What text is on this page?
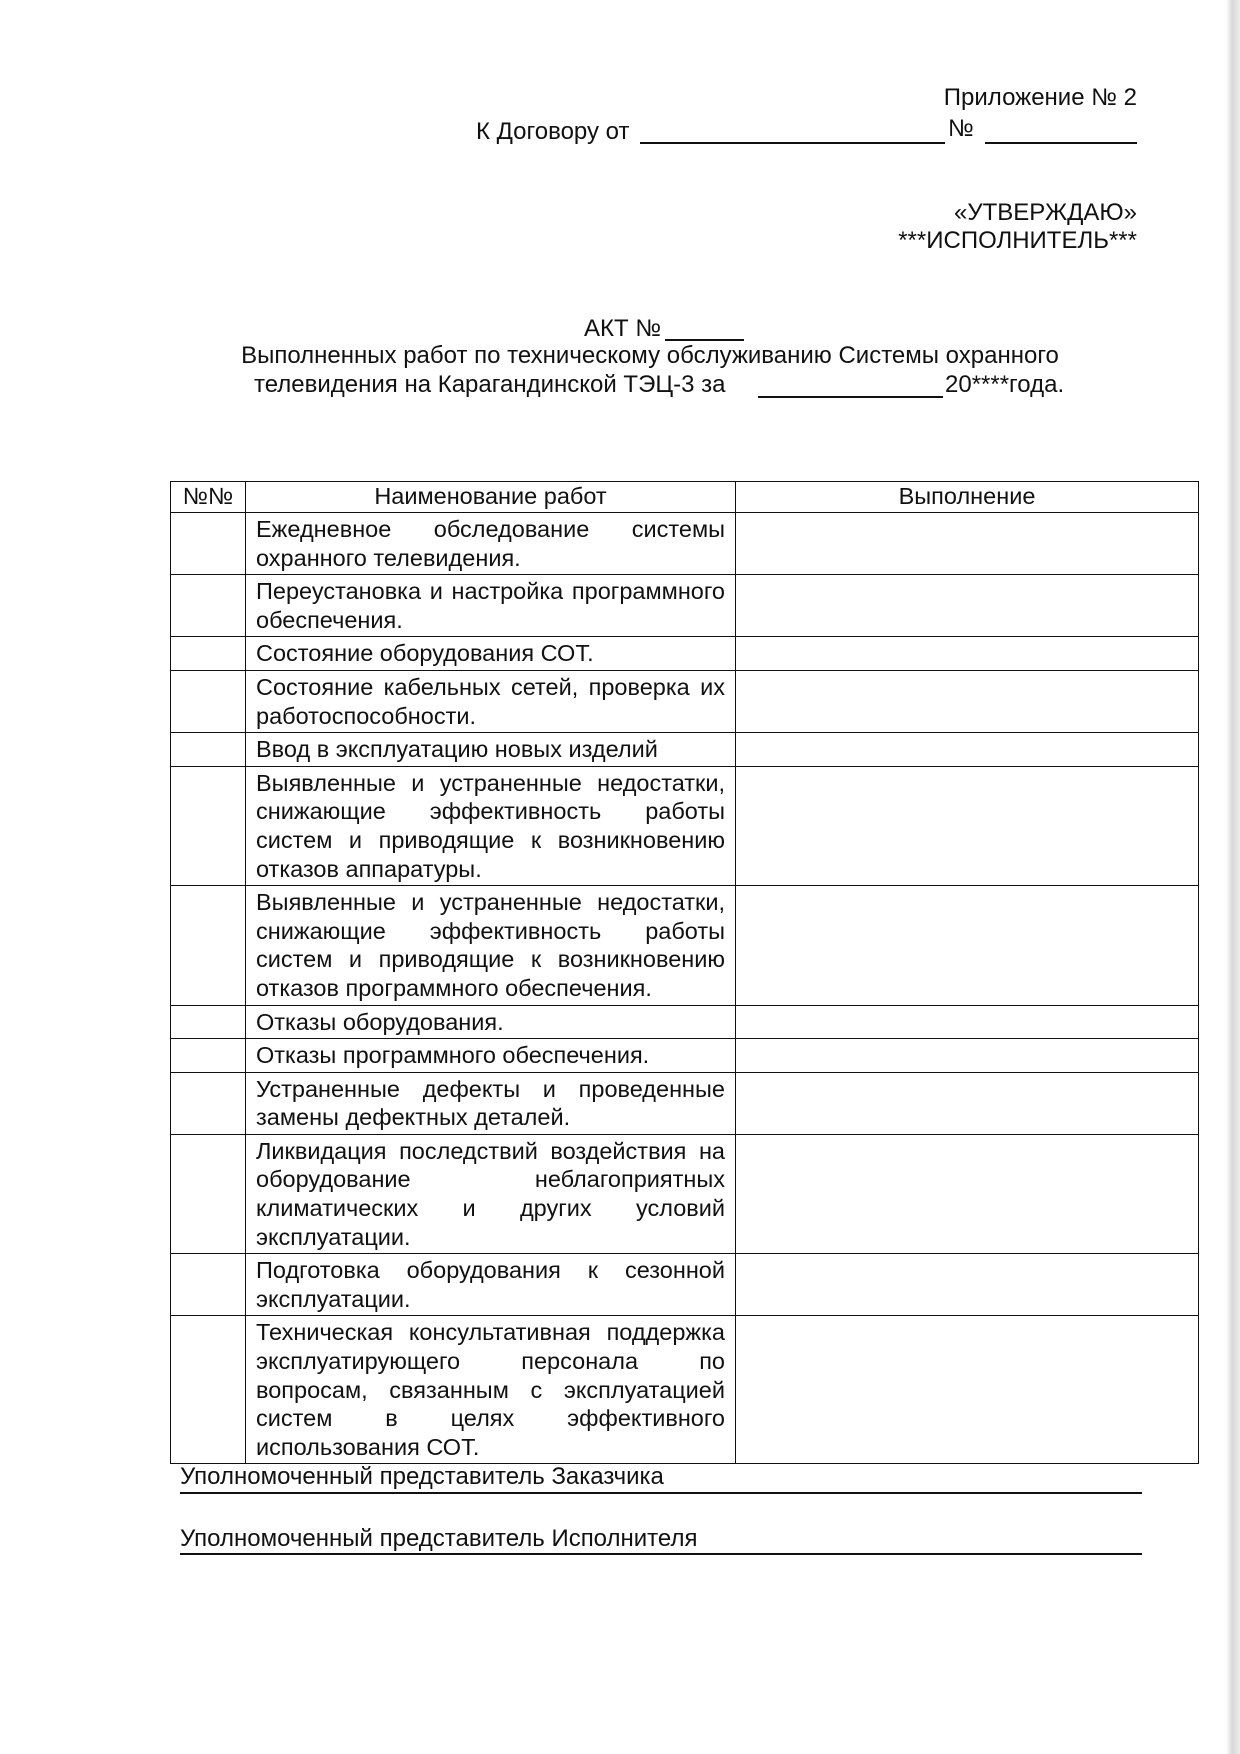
Приложение № 2
К Договору от	№
«УТВЕРЖДАЮ»
***ИСПОЛНИТЕЛЬ***
АКТ №
Выполненных работ по техническому обслуживанию Системы охранного
телевидения на Карагандинской ТЭЦ-3 за	20****года.
№№	Наименование работ	Выполнение

	Ежедневное обследование системы охранного телевидения.	

	Переустановка и настройка программного обеспечения.	

	Состояние оборудования СОТ.	

	Состояние кабельных сетей, проверка их работоспособности.	

	Ввод в эксплуатацию новых изделий	

	Выявленные и устраненные недостатки, снижающие эффективность работы систем и приводящие к возникновению отказов аппаратуры.	

	Выявленные и устраненные недостатки, снижающие эффективность работы систем и приводящие к возникновению отказов программного обеспечения.	

	Отказы оборудования.	

	Отказы программного обеспечения.	

	Устраненные дефекты и проведенные замены дефектных деталей.	

	Ликвидация последствий воздействия на оборудование неблагоприятных климатических и других условий эксплуатации.	

	Подготовка оборудования к сезонной эксплуатации.	

	Техническая консультативная поддержка эксплуатирующего персонала по вопросам, связанным с эксплуатацией систем в целях эффективного использования СОТ.	

Уполномоченный представитель Заказчика
Уполномоченный представитель Исполнителя
